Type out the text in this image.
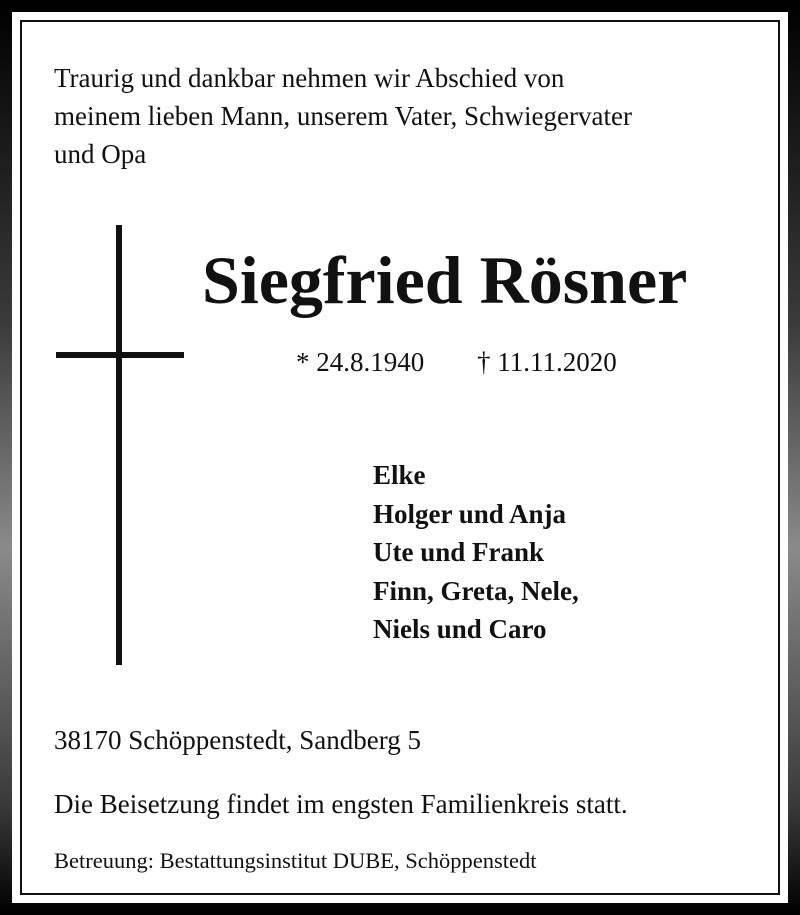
Traurig und dankbar nehmen wir Abschied von
meinem lieben Mann, unserem Vater, Schwiegervater
und Opa

Siegfried Rösner
* 24.8.1940 † 11.11.2020
Elke
Holger und Anja
Ute und Frank
Finn, Greta, Nele,
Niels und Caro
38170 Schöppenstedt, Sandberg 5
Die Beisetzung findet im engsten Familienkreis statt.
Betreuung: Bestattungsinstitut DUBE, Schöppenstedt
